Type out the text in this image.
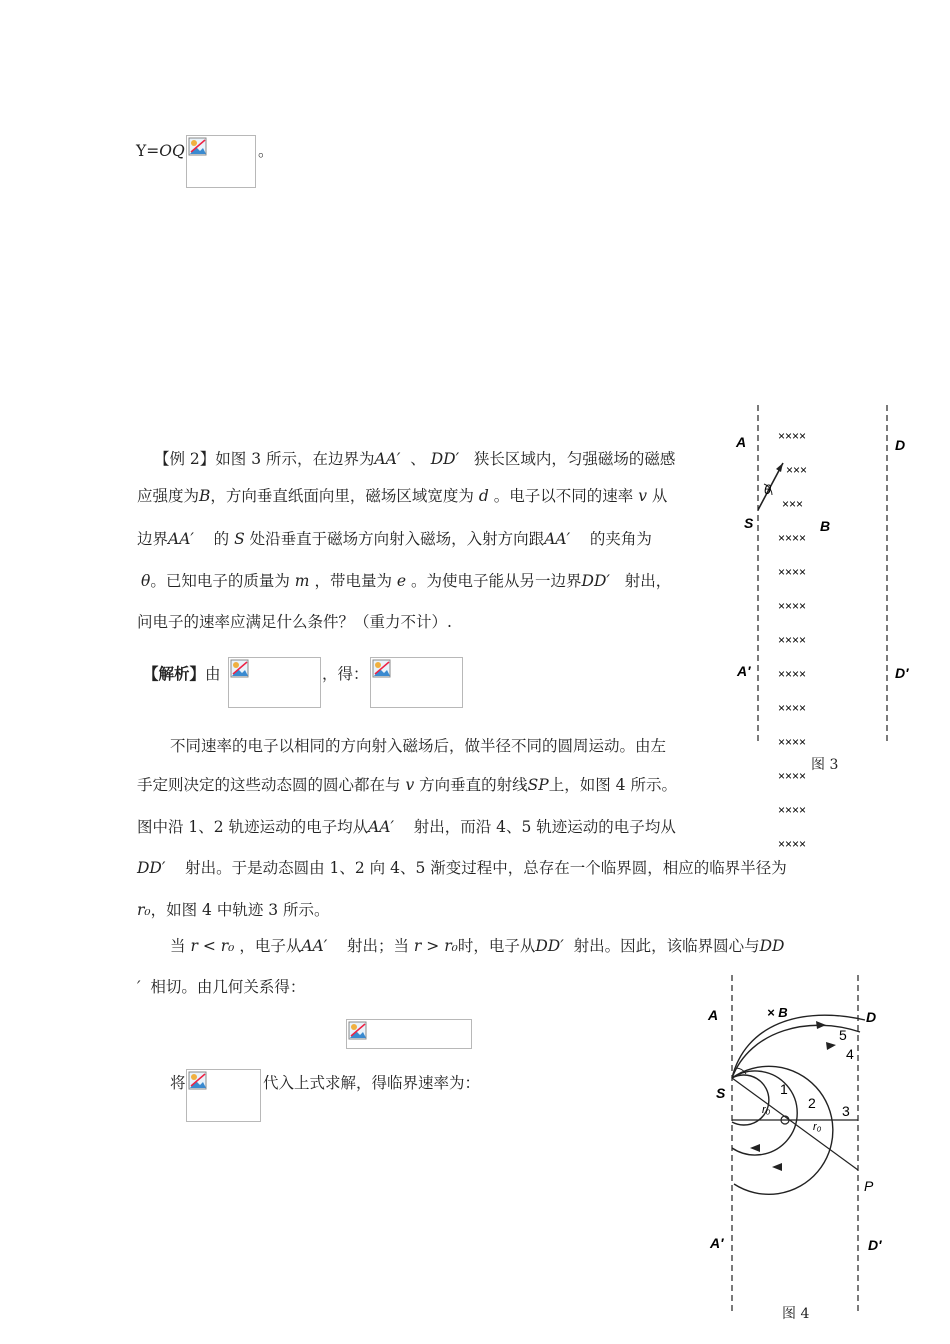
Y=OQ	。
【例 2】如图 3 所示，在边界为AA′ 、 DD′ 狭长区域内，匀强磁场的磁感
应强度为B，方向垂直纸面向里，磁场区域宽度为 d 。电子以不同的速率 v 从
边界AA′ 的 S 处沿垂直于磁场方向射入磁场，入射方向跟AA′ 的夹角为
θ。已知电子的质量为 m ，带电量为 e 。为使电子能从另一边界DD′ 射出，
问电子的速率应满足什么条件？（重力不计）.
【解析】由	，得：
不同速率的电子以相同的方向射入磁场后，做半径不同的圆周运动。由左
手定则决定的这些动态圆的圆心都在与 v 方向垂直的射线SP上，如图 4 所示。
图中沿 1、2 轨迹运动的电子均从AA′ 射出，而沿 4、5 轨迹运动的电子均从
DD′ 射出。于是动态圆由 1、2 向 4、5 渐变过程中，总存在一个临界圆，相应的临界半径为
r₀，如图 4 中轨迹 3 所示。
当 r < r₀ ，电子从AA′ 射出；当 r > r₀时，电子从DD′ 射出。因此，该临界圆心与DD
′ 相切。由几何关系得：
将	代入上式求解，得临界速率为：
A	D
S	B
A′	D′
θ
××××
×××
×××
××××
××××
××××
××××
××××
××××
××××
××××
××××
××××
图 3
A	D
× B
S
P
A′	D′
1
2 3
4
5
r₀
r₀
图 4
